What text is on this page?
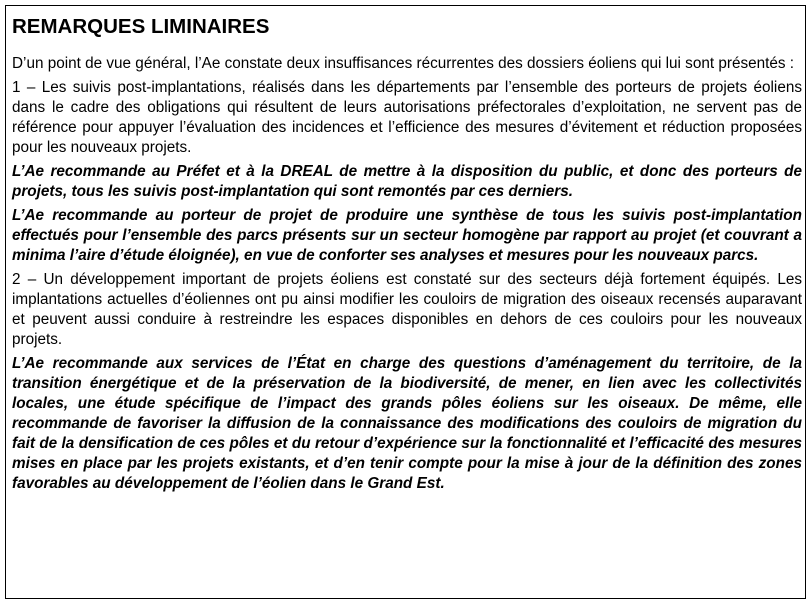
REMARQUES LIMINAIRES

D’un point de vue général, l’Ae constate deux insuffisances récurrentes des dossiers éoliens qui lui sont présentés :

1 – Les suivis post-implantations, réalisés dans les départements par l’ensemble des porteurs de projets éoliens dans le cadre des obligations qui résultent de leurs autorisations préfectorales d’exploitation, ne servent pas de référence pour appuyer l’évaluation des incidences et l’efficience des mesures d’évitement et réduction proposées pour les nouveaux projets.

L’Ae recommande au Préfet et à la DREAL de mettre à la disposition du public, et donc des porteurs de projets, tous les suivis post-implantation qui sont remontés par ces derniers.

L’Ae recommande au porteur de projet de produire une synthèse de tous les suivis post-implantation effectués pour l’ensemble des parcs présents sur un secteur homogène par rapport au projet (et couvrant a minima l’aire d’étude éloignée), en vue de conforter ses analyses et mesures pour les nouveaux parcs.

2 – Un développement important de projets éoliens est constaté sur des secteurs déjà fortement équipés. Les implantations actuelles d’éoliennes ont pu ainsi modifier les couloirs de migration des oiseaux recensés auparavant et peuvent aussi conduire à restreindre les espaces disponibles en dehors de ces couloirs pour les nouveaux projets.

L’Ae recommande aux services de l’État en charge des questions d’aménagement du territoire, de la transition énergétique et de la préservation de la biodiversité, de mener, en lien avec les collectivités locales, une étude spécifique de l’impact des grands pôles éoliens sur les oiseaux. De même, elle recommande de favoriser la diffusion de la connaissance des modifications des couloirs de migration du fait de la densification de ces pôles et du retour d’expérience sur la fonctionnalité et l’efficacité des mesures mises en place par les projets existants, et d’en tenir compte pour la mise à jour de la définition des zones favorables au développement de l’éolien dans le Grand Est.
